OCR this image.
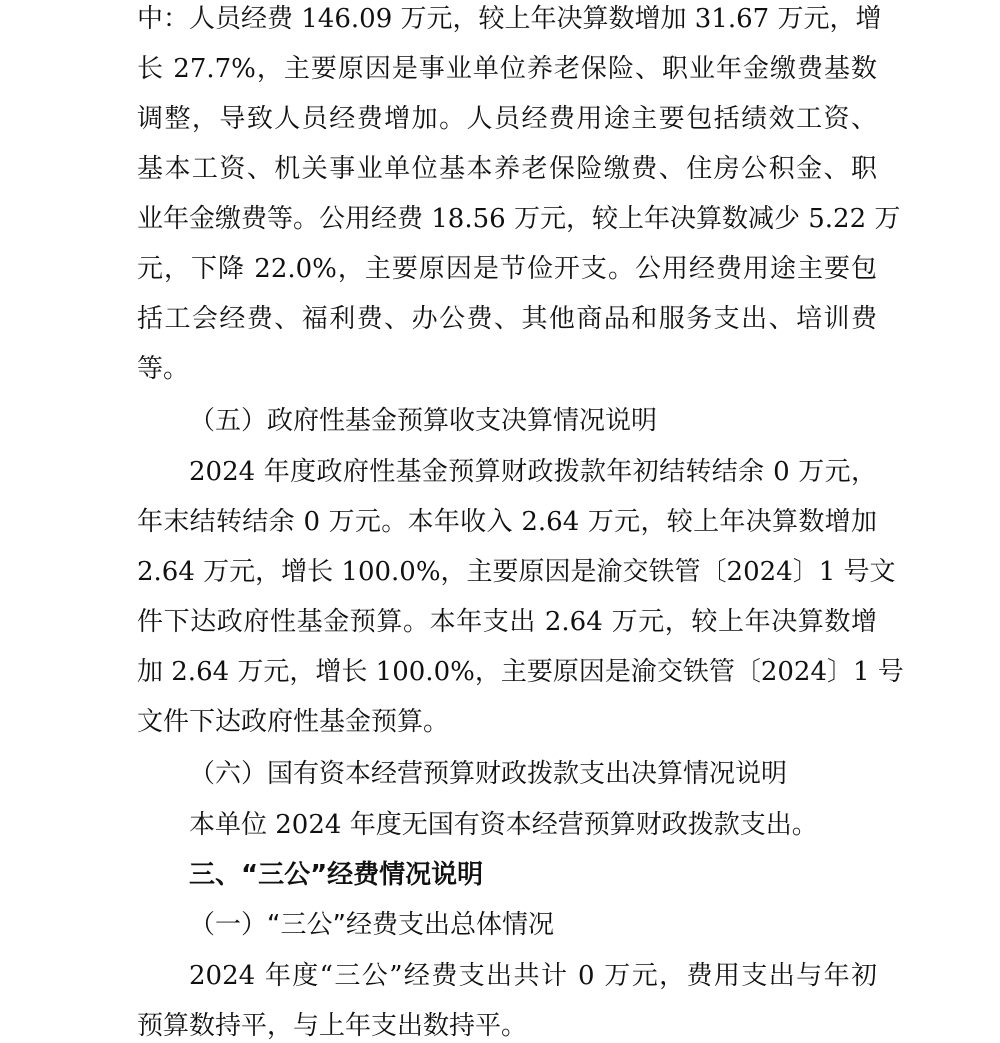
中：人员经费 146.09 万元，较上年决算数增加 31.67 万元，增
长 27.7%，主要原因是事业单位养老保险、职业年金缴费基数
调整，导致人员经费增加。人员经费用途主要包括绩效工资、
基本工资、机关事业单位基本养老保险缴费、住房公积金、职
业年金缴费等。公用经费 18.56 万元，较上年决算数减少 5.22 万
元，下降 22.0%，主要原因是节俭开支。公用经费用途主要包
括工会经费、福利费、办公费、其他商品和服务支出、培训费
等。
（五）政府性基金预算收支决算情况说明
2024 年度政府性基金预算财政拨款年初结转结余 0 万元，
年末结转结余 0 万元。本年收入 2.64 万元，较上年决算数增加
2.64 万元，增长 100.0%，主要原因是渝交铁管〔2024〕1 号文
件下达政府性基金预算。本年支出 2.64 万元，较上年决算数增
加 2.64 万元，增长 100.0%，主要原因是渝交铁管〔2024〕1 号
文件下达政府性基金预算。
（六）国有资本经营预算财政拨款支出决算情况说明
本单位 2024 年度无国有资本经营预算财政拨款支出。
三、“三公”经费情况说明
（一）“三公”经费支出总体情况
2024 年度“三公”经费支出共计 0 万元，费用支出与年初
预算数持平，与上年支出数持平。
